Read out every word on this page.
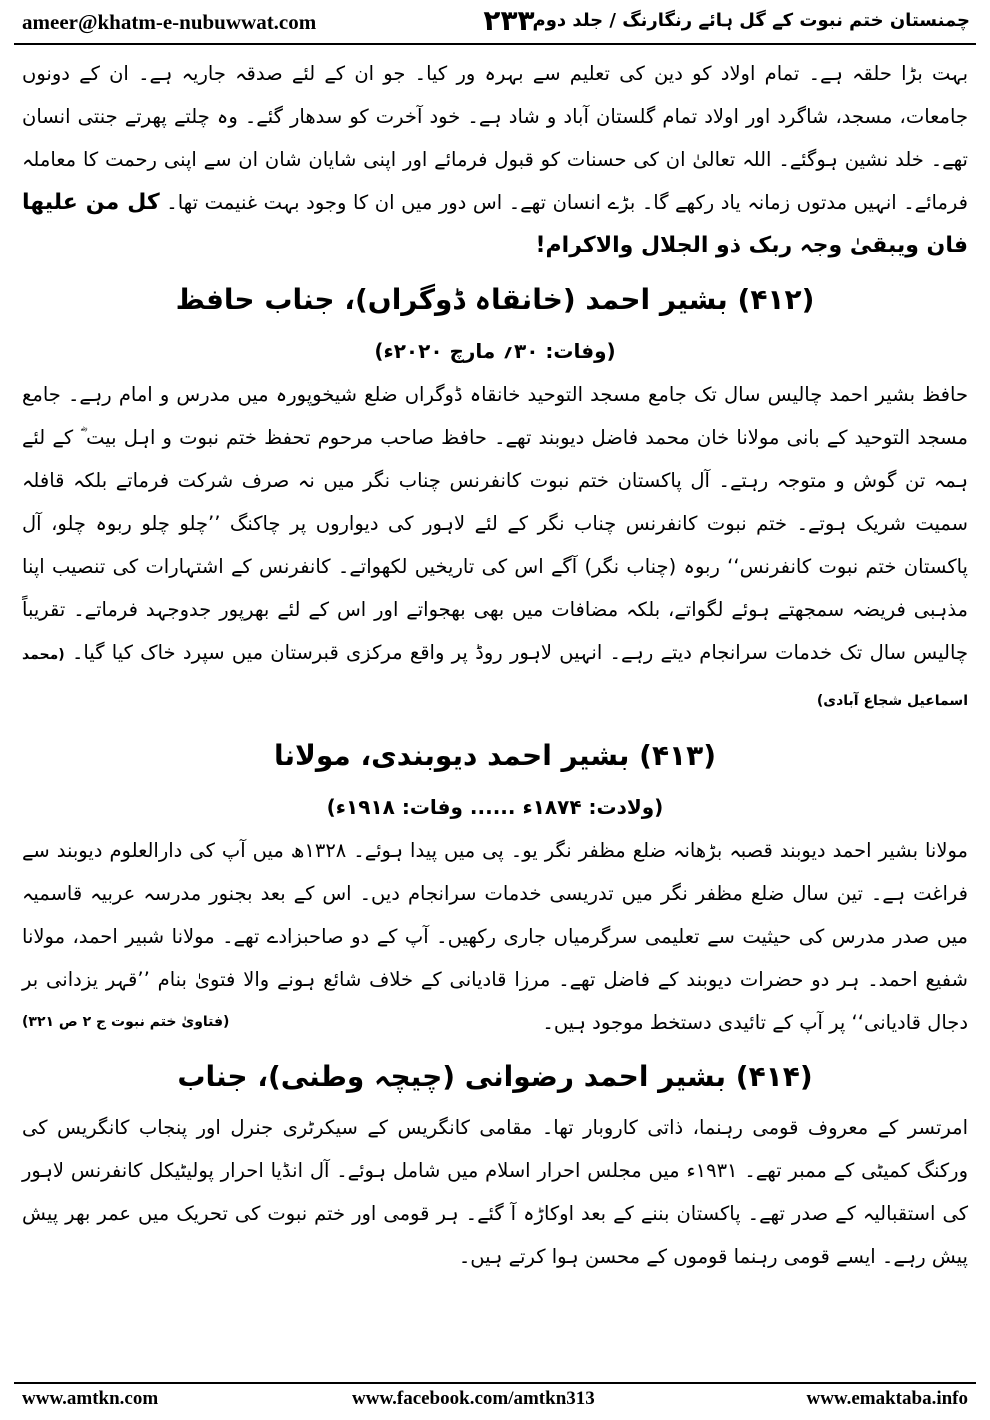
ameer@khatm-e-nubuwwat.com	۲۳۳
چمنستان ختم نبوت کے گل ہائے رنگارنگ / جلد دوم

بہت بڑا حلقہ ہے۔ تمام اولاد کو دین کی تعلیم سے بہرہ ور کیا۔ جو ان کے لئے صدقہ جاریہ ہے۔ ان کے دونوں جامعات، مسجد، شاگرد اور اولاد تمام گلستان آباد و شاد ہے۔ خود آخرت کو سدھار گئے۔ وہ چلتے پھرتے جنتی انسان تھے۔ خلد نشین ہوگئے۔ اللہ تعالیٰ ان کی حسنات کو قبول فرمائے اور اپنی شایان شان ان سے اپنی رحمت کا معاملہ فرمائے۔ انہیں مدتوں زمانہ یاد رکھے گا۔ بڑے انسان تھے۔ اس دور میں ان کا وجود بہت غنیمت تھا۔ کل من علیھا فان ویبقیٰ وجہ ربک ذو الجلال والاکرام!

(۴۱۲) بشیر احمد (خانقاہ ڈوگراں)، جناب حافظ
(وفات: ۳۰؍ مارچ ۲۰۲۰ء)

حافظ بشیر احمد چالیس سال تک جامع مسجد التوحید خانقاہ ڈوگراں ضلع شیخوپورہ میں مدرس و امام رہے۔ جامع مسجد التوحید کے بانی مولانا خان محمد فاضل دیوبند تھے۔ حافظ صاحب مرحوم تحفظ ختم نبوت و اہل بیت ؓ کے لئے ہمہ تن گوش و متوجہ رہتے۔ آل پاکستان ختم نبوت کانفرنس چناب نگر میں نہ صرف شرکت فرماتے بلکہ قافلہ سمیت شریک ہوتے۔ ختم نبوت کانفرنس چناب نگر کے لئے لاہور کی دیواروں پر چاکنگ ’’چلو چلو ربوہ چلو، آل پاکستان ختم نبوت کانفرنس‘‘ ربوہ (چناب نگر) آگے اس کی تاریخیں لکھواتے۔ کانفرنس کے اشتہارات کی تنصیب اپنا مذہبی فریضہ سمجھتے ہوئے لگواتے، بلکہ مضافات میں بھی بھجواتے اور اس کے لئے بھرپور جدوجہد فرماتے۔ تقریباً چالیس سال تک خدمات سرانجام دیتے رہے۔ انہیں لاہور روڈ پر واقع مرکزی قبرستان میں سپرد خاک کیا گیا۔ (محمد اسماعیل شجاع آبادی)

(۴۱۳) بشیر احمد دیوبندی، مولانا
(ولادت: ۱۸۷۴ء ...... وفات: ۱۹۱۸ء)

مولانا بشیر احمد دیوبند قصبہ بڑھانہ ضلع مظفر نگر یو۔ پی میں پیدا ہوئے۔ ۱۳۲۸ھ میں آپ کی دارالعلوم دیوبند سے فراغت ہے۔ تین سال ضلع مظفر نگر میں تدریسی خدمات سرانجام دیں۔ اس کے بعد بجنور مدرسہ عربیہ قاسمیہ میں صدر مدرس کی حیثیت سے تعلیمی سرگرمیاں جاری رکھیں۔ آپ کے دو صاحبزادے تھے۔ مولانا شبیر احمد، مولانا شفیع احمد۔ ہر دو حضرات دیوبند کے فاضل تھے۔ مرزا قادیانی کے خلاف شائع ہونے والا فتویٰ بنام ’’قہر یزدانی بر دجال قادیانی‘‘ پر آپ کے تائیدی دستخط موجود ہیں۔
(فتاویٰ ختم نبوت ج ۲ ص ۳۲۱)

(۴۱۴) بشیر احمد رضوانی (چیچہ وطنی)، جناب

امرتسر کے معروف قومی رہنما، ذاتی کاروبار تھا۔ مقامی کانگریس کے سیکرٹری جنرل اور پنجاب کانگریس کی ورکنگ کمیٹی کے ممبر تھے۔ ۱۹۳۱ء میں مجلس احرار اسلام میں شامل ہوئے۔ آل انڈیا احرار پولیٹیکل کانفرنس لاہور کی استقبالیہ کے صدر تھے۔ پاکستان بننے کے بعد اوکاڑہ آ گئے۔ ہر قومی اور ختم نبوت کی تحریک میں عمر بھر پیش پیش رہے۔ ایسے قومی رہنما قوموں کے محسن ہوا کرتے ہیں۔

www.amtkn.com	www.facebook.com/amtkn313	www.emaktaba.info
